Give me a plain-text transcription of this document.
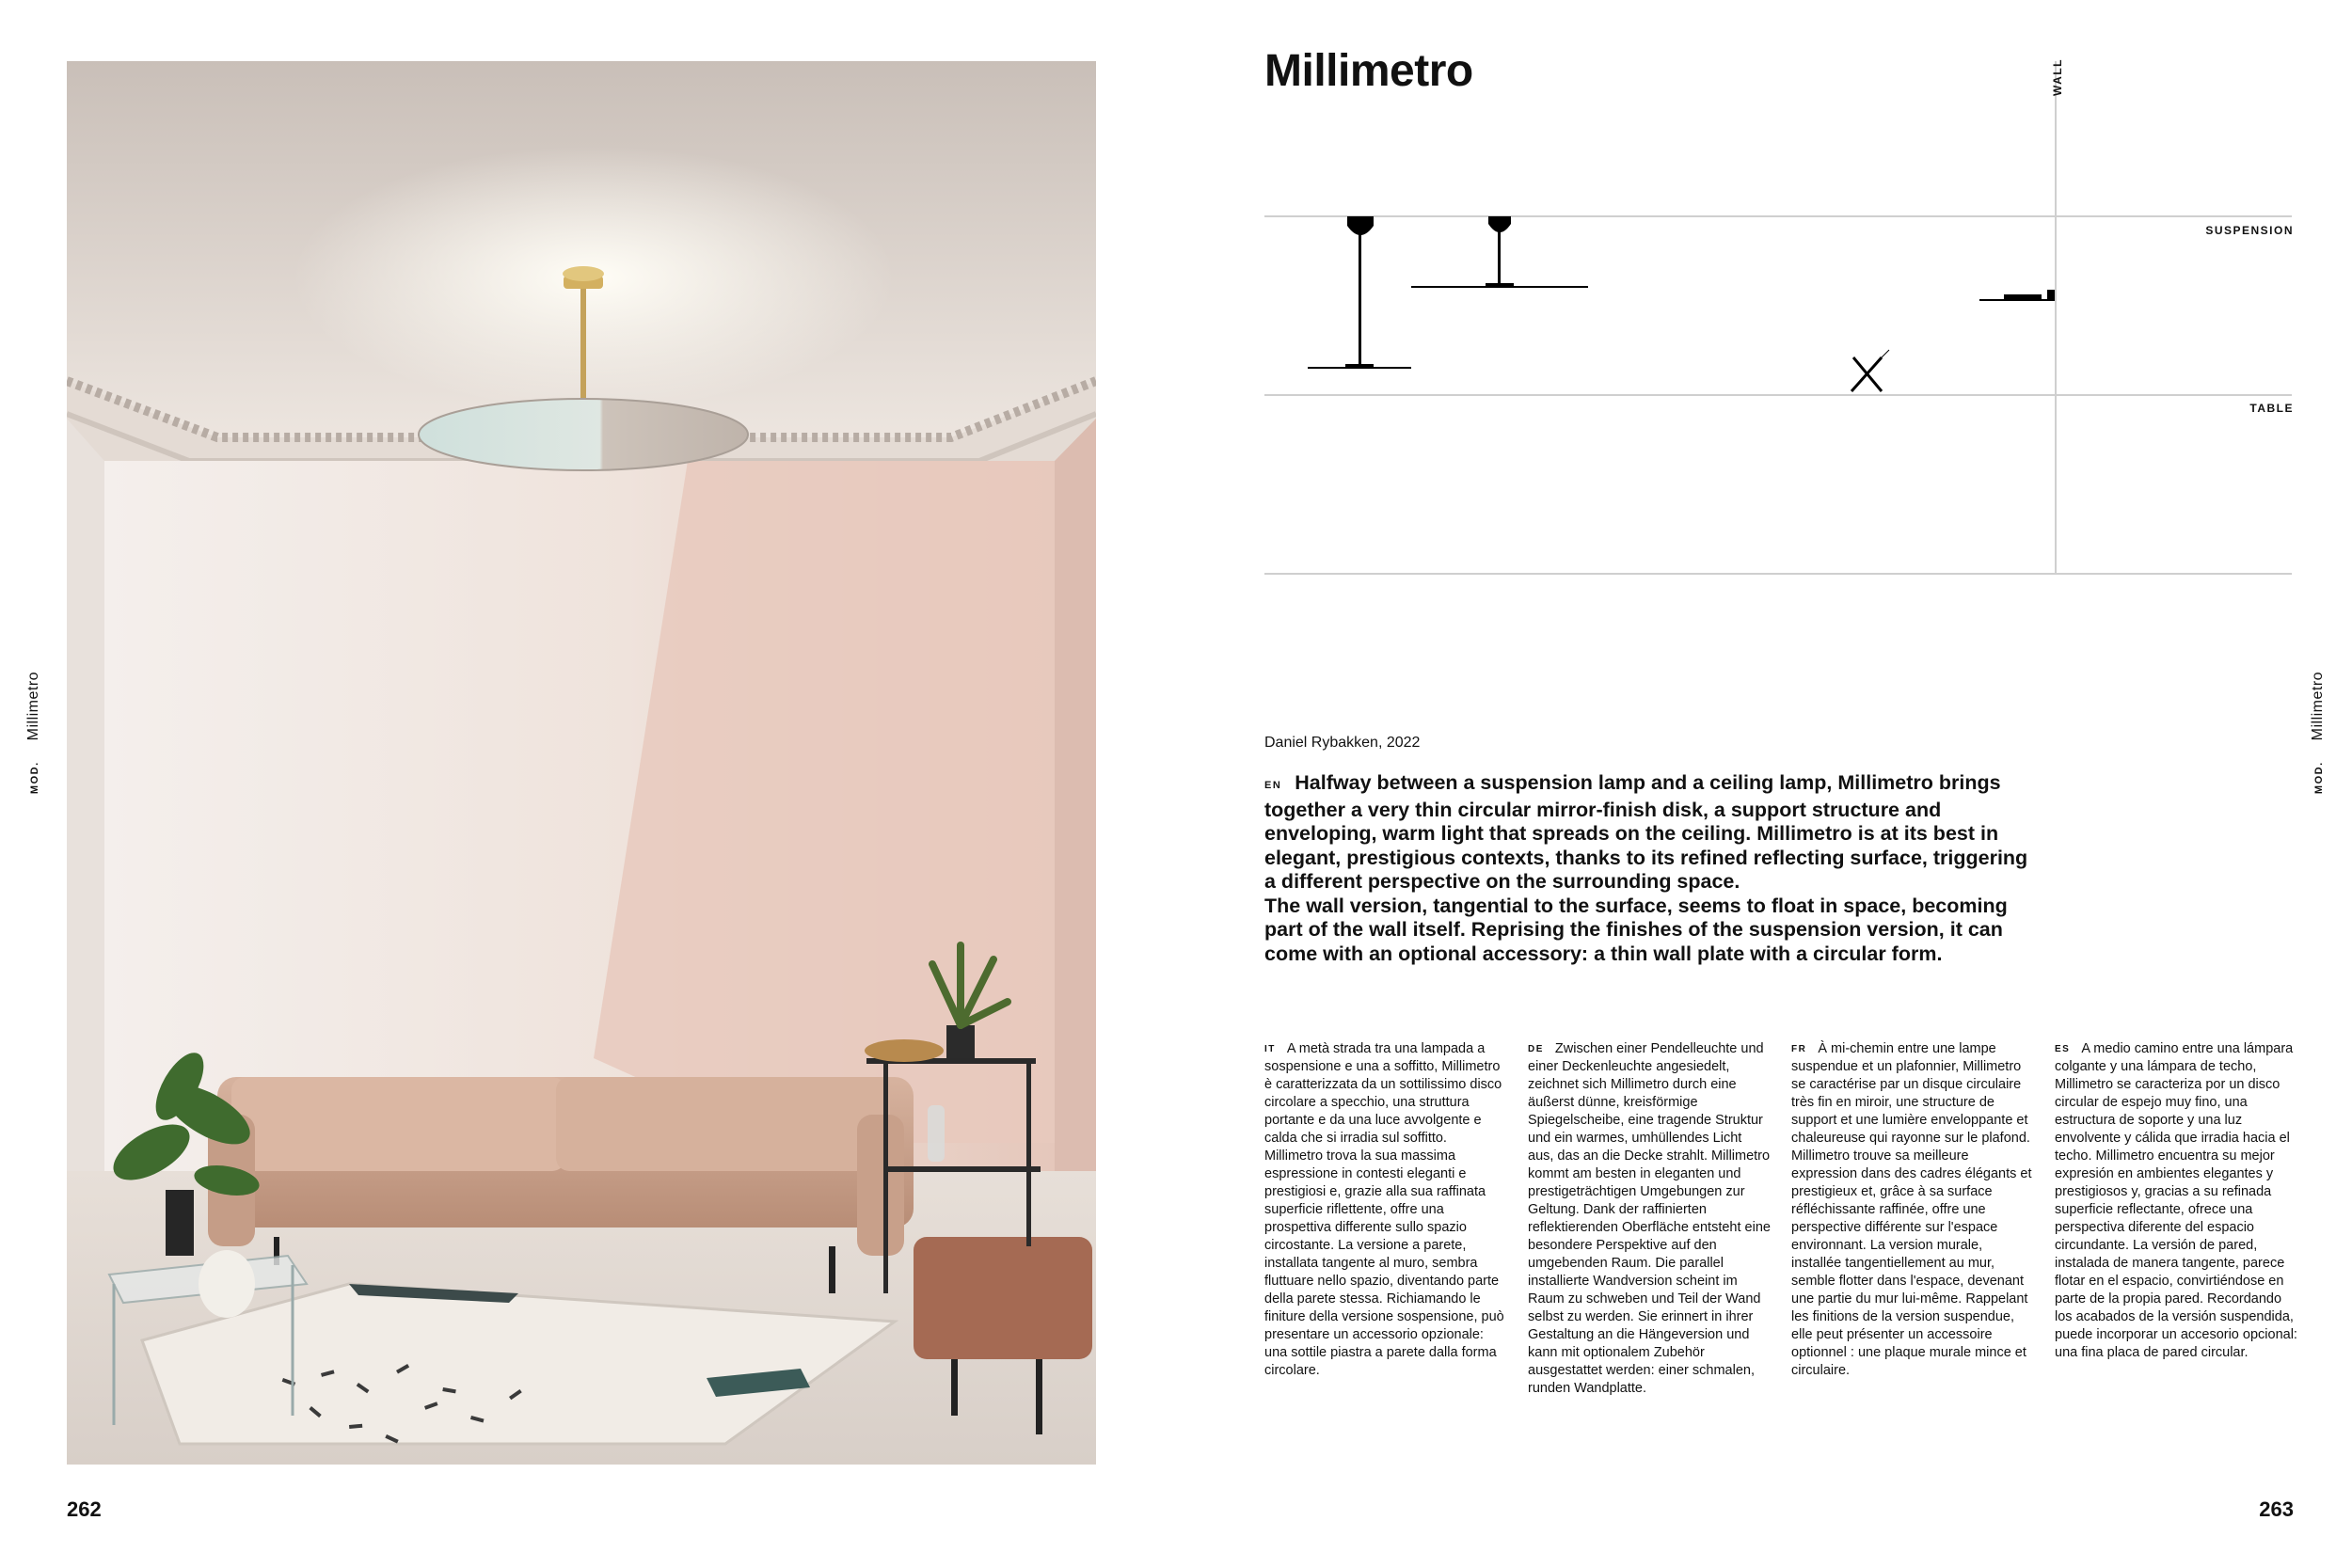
MOD.Millimetro
262
Millimetro	WALL
SUSPENSION
TABLE
Daniel Rybakken, 2022

EN Halfway between a suspension lamp and a ceiling lamp, Millimetro brings together a very thin circular mirror-finish disk, a support structure and enveloping, warm light that spreads on the ceiling. Millimetro is at its best in elegant, prestigious contexts, thanks to its refined reflecting surface, triggering a different perspective on the surrounding space.

The wall version, tangential to the surface, seems to float in space, becoming part of the wall itself. Reprising the finishes of the suspension version, it can come with an optional accessory: a thin wall plate with a circular form.

IT A metà strada tra una lampada a sospensione e una a soffitto, Millimetro è caratterizzata da un sottilissimo disco circolare a specchio, una struttura portante e da una luce avvolgente e calda che si irradia sul soffitto. Millimetro trova la sua massima espressione in contesti eleganti e prestigiosi e, grazie alla sua raffinata superficie riflettente, offre una prospettiva differente sullo spazio circostante. La versione a parete, installata tangente al muro, sembra fluttuare nello spazio, diventando parte della parete stessa. Richiamando le finiture della versione sospensione, può presentare un accessorio opzionale: una sottile piastra a parete dalla forma circolare.

DE Zwischen einer Pendelleuchte und einer Deckenleuchte angesiedelt, zeichnet sich Millimetro durch eine äußerst dünne, kreisförmige Spiegelscheibe, eine tragende Struktur und ein warmes, umhüllendes Licht aus, das an die Decke strahlt. Millimetro kommt am besten in eleganten und prestigeträchtigen Umgebungen zur Geltung. Dank der raffinierten reflektierenden Oberfläche entsteht eine besondere Perspektive auf den umgebenden Raum. Die parallel installierte Wandversion scheint im Raum zu schweben und Teil der Wand selbst zu werden. Sie erinnert in ihrer Gestaltung an die Hängeversion und kann mit optionalem Zubehör ausgestattet werden: einer schmalen, runden Wandplatte.

FR À mi-chemin entre une lampe suspendue et un plafonnier, Millimetro se caractérise par un disque circulaire très fin en miroir, une structure de support et une lumière enveloppante et chaleureuse qui rayonne sur le plafond. Millimetro trouve sa meilleure expression dans des cadres élégants et prestigieux et, grâce à sa surface réfléchissante raffinée, offre une perspective différente sur l'espace environnant. La version murale, installée tangentiellement au mur, semble flotter dans l'espace, devenant une partie du mur lui-même. Rappelant les finitions de la version suspendue, elle peut présenter un accessoire optionnel : une plaque murale mince et circulaire.

ES A medio camino entre una lámpara colgante y una lámpara de techo, Millimetro se caracteriza por un disco circular de espejo muy fino, una estructura de soporte y una luz envolvente y cálida que irradia hacia el techo. Millimetro encuentra su mejor expresión en ambientes elegantes y prestigiosos y, gracias a su refinada superficie reflectante, ofrece una perspectiva diferente del espacio circundante. La versión de pared, instalada de manera tangente, parece flotar en el espacio, convirtiéndose en parte de la propia pared. Recordando los acabados de la versión suspendida, puede incorporar un accesorio opcional: una fina placa de pared circular.

MOD.Millimetro
263
